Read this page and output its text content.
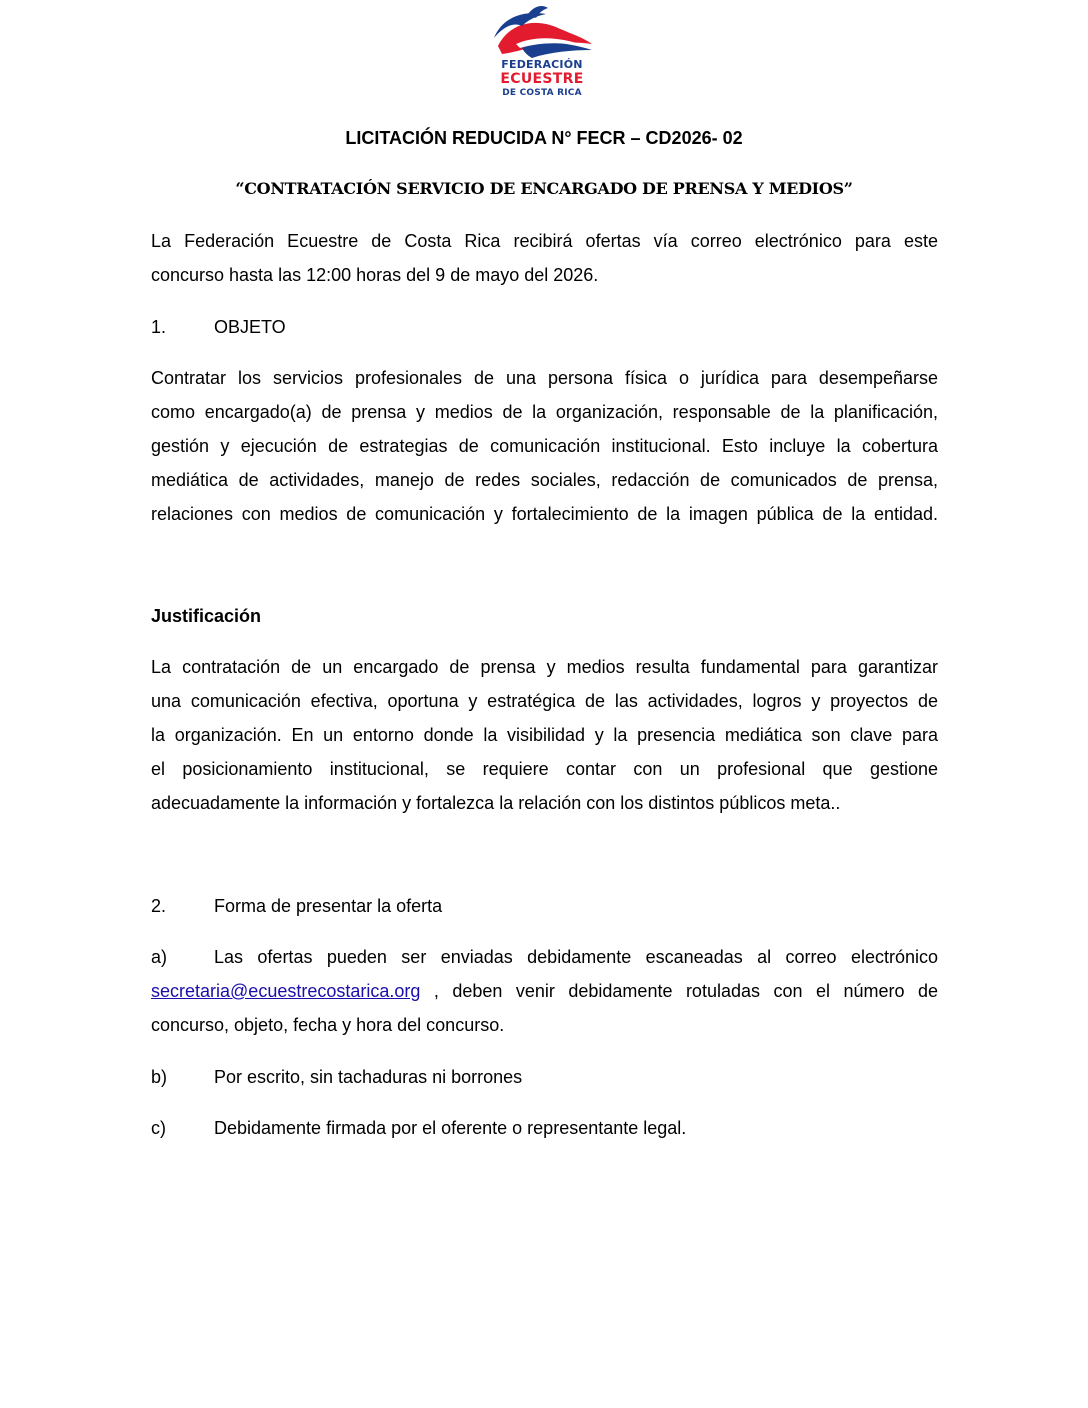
FEDERACIÓN
ECUESTRE
DE COSTA RICA
LICITACIÓN REDUCIDA N° FECR – CD2026- 02
“CONTRATACIÓN SERVICIO DE ENCARGADO DE PRENSA Y MEDIOS”
La Federación Ecuestre de Costa Rica recibirá ofertas vía correo electrónico para este
concurso hasta las 12:00 horas del 9 de mayo del 2026.
1.	OBJETO
Contratar los servicios profesionales de una persona física o jurídica para desempeñarse
como encargado(a) de prensa y medios de la organización, responsable de la planificación,
gestión y ejecución de estrategias de comunicación institucional. Esto incluye la cobertura
mediática de actividades, manejo de redes sociales, redacción de comunicados de prensa,
relaciones con medios de comunicación y fortalecimiento de la imagen pública de la entidad.
Justificación
La contratación de un encargado de prensa y medios resulta fundamental para garantizar
una comunicación efectiva, oportuna y estratégica de las actividades, logros y proyectos de
la organización. En un entorno donde la visibilidad y la presencia mediática son clave para
el posicionamiento institucional, se requiere contar con un profesional que gestione
adecuadamente la información y fortalezca la relación con los distintos públicos meta..
2.	Forma de presentar la oferta
a)	Las ofertas pueden ser enviadas debidamente escaneadas al correo electrónico
secretaria@ecuestrecostarica.org , deben venir debidamente rotuladas con el número de
concurso, objeto, fecha y hora del concurso.
b)	Por escrito, sin tachaduras ni borrones
c)	Debidamente firmada por el oferente o representante legal.
